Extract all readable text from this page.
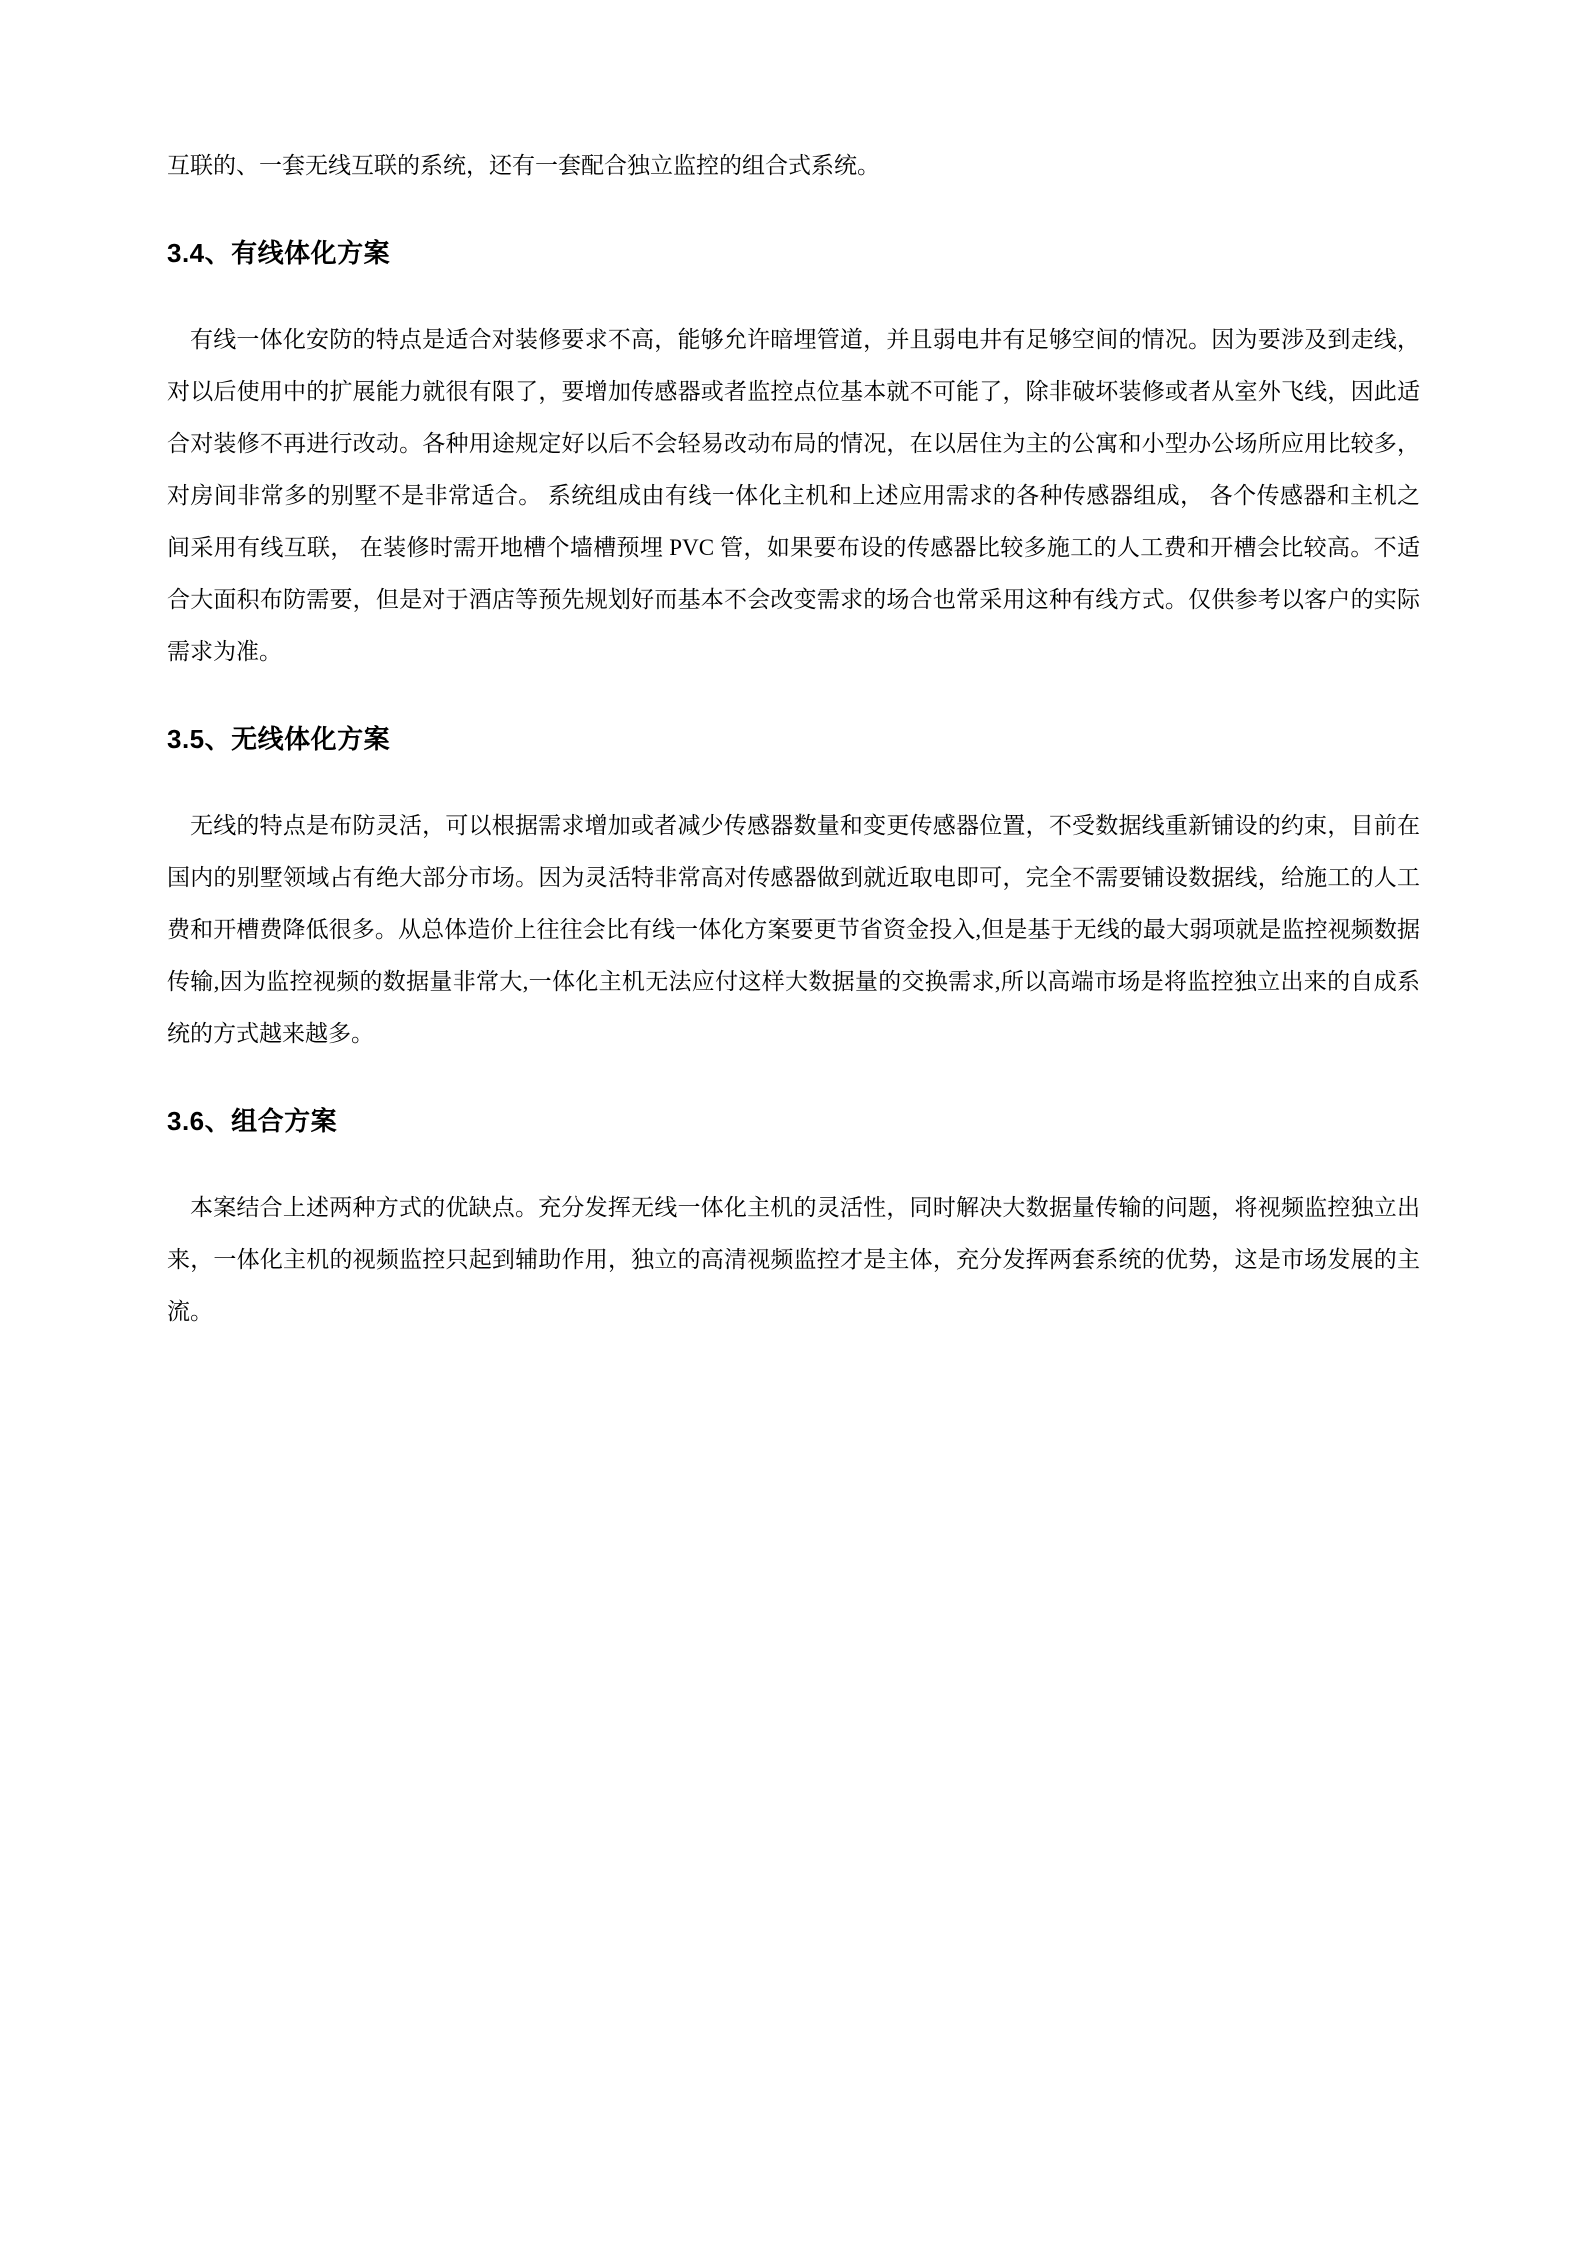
互联的、一套无线互联的系统，还有一套配合独立监控的组合式系统。

3.4、有线体化方案

有线一体化安防的特点是适合对装修要求不高，能够允许暗埋管道，并且弱电井有足够空间的情况。因为要涉及到走线，对以后使用中的扩展能力就很有限了，要增加传感器或者监控点位基本就不可能了，除非破坏装修或者从室外飞线，因此适合对装修不再进行改动。各种用途规定好以后不会轻易改动布局的情况，在以居住为主的公寓和小型办公场所应用比较多， 对房间非常多的别墅不是非常适合。 系统组成由有线一体化主机和上述应用需求的各种传感器组成， 各个传感器和主机之间采用有线互联， 在装修时需开地槽个墙槽预埋 PVC 管，如果要布设的传感器比较多施工的人工费和开槽会比较高。不适合大面积布防需要，但是对于酒店等预先规划好而基本不会改变需求的场合也常采用这种有线方式。仅供参考以客户的实际需求为准。

3.5、无线体化方案

无线的特点是布防灵活，可以根据需求增加或者减少传感器数量和变更传感器位置，不受数据线重新铺设的约束，目前在国内的别墅领域占有绝大部分市场。因为灵活特非常高对传感器做到就近取电即可，完全不需要铺设数据线，给施工的人工费和开槽费降低很多。从总体造价上往往会比有线一体化方案要更节省资金投入,但是基于无线的最大弱项就是监控视频数据传输,因为监控视频的数据量非常大,一体化主机无法应付这样大数据量的交换需求,所以高端市场是将监控独立出来的自成系统的方式越来越多。

3.6、组合方案

本案结合上述两种方式的优缺点。充分发挥无线一体化主机的灵活性，同时解决大数据量传输的问题，将视频监控独立出来，一体化主机的视频监控只起到辅助作用，独立的高清视频监控才是主体，充分发挥两套系统的优势，这是市场发展的主流。
